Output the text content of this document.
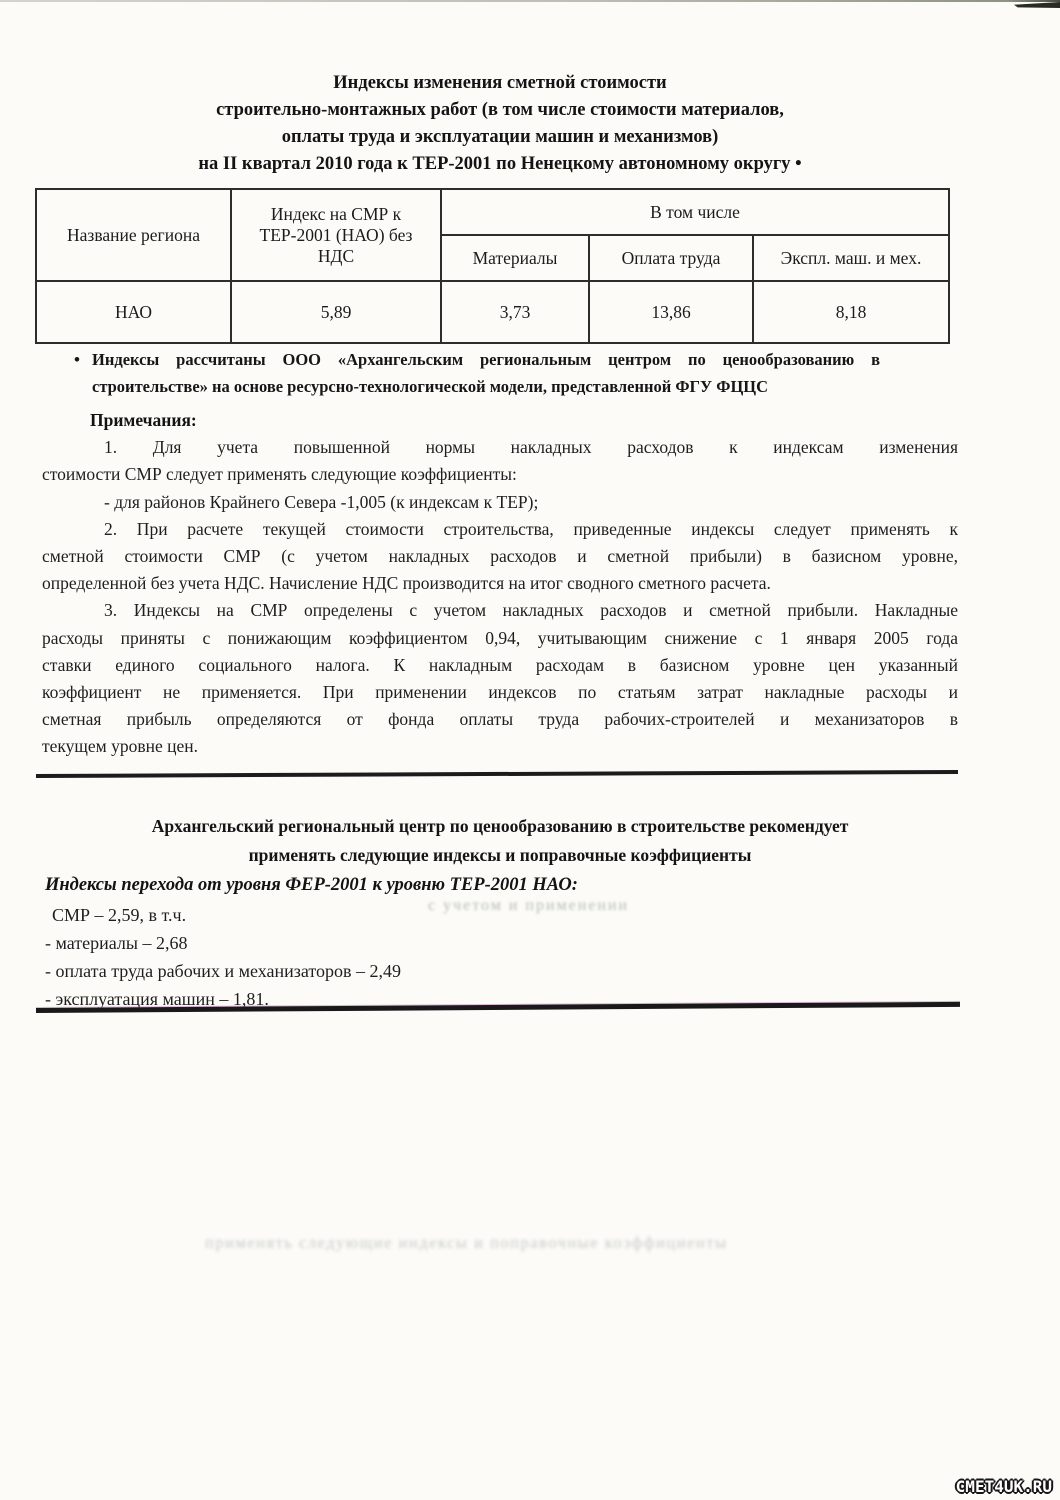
с учетом и применении
применять следующие индексы и поправочные коэффициенты
Индексы изменения сметной стоимости
строительно-монтажных работ (в том числе стоимости материалов,
оплаты труда и эксплуатации машин и механизмов)
на II квартал 2010 года к ТЕР-2001 по Ненецкому автономному округу •
Название региона	Индекс на СМР к ТЕР-2001 (НАО) без НДС	В том числе		
		Материалы	Оплата труда	Экспл. маш. и мех.
НАО	5,89	3,73	13,86	8,18
• Индексы рассчитаны ООО «Архангельским региональным центром по ценообразованию в
строительстве» на основе ресурсно-технологической модели, представленной ФГУ ФЦЦС
Примечания:
1. Для учета повышенной нормы накладных расходов к индексам изменения
стоимости СМР следует применять следующие коэффициенты:
- для районов Крайнего Севера -1,005 (к индексам к ТЕР);
2. При расчете текущей стоимости строительства, приведенные индексы следует применять к
сметной стоимости СМР (с учетом накладных расходов и сметной прибыли) в базисном уровне,
определенной без учета НДС. Начисление НДС производится на итог сводного сметного расчета.
3. Индексы на СМР определены с учетом накладных расходов и сметной прибыли. Накладные
расходы приняты с понижающим коэффициентом 0,94, учитывающим снижение с 1 января 2005 года
ставки единого социального налога. К накладным расходам в базисном уровне цен указанный
коэффициент не применяется. При применении индексов по статьям затрат накладные расходы и
сметная прибыль определяются от фонда оплаты труда рабочих-строителей и механизаторов в
текущем уровне цен.
Архангельский региональный центр по ценообразованию в строительстве рекомендует
применять следующие индексы и поправочные коэффициенты
Индексы перехода от уровня ФЕР-2001 к уровню ТЕР-2001 НАО:
СМР – 2,59, в т.ч.
- материалы – 2,68
- оплата труда рабочих и механизаторов – 2,49
- эксплуатация машин – 1,81.
CMET4UK.RU
